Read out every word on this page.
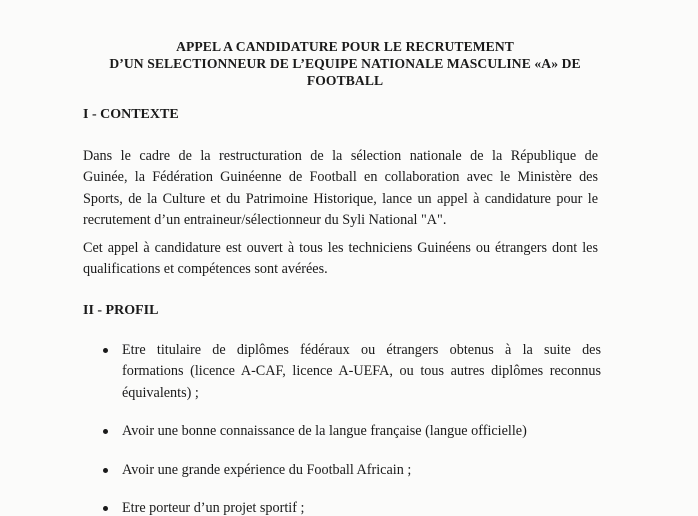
APPEL A CANDIDATURE POUR LE RECRUTEMENT
D’UN SELECTIONNEUR DE L’EQUIPE NATIONALE MASCULINE «A» DE
FOOTBALL
I - CONTEXTE
Dans le cadre de la restructuration de la sélection nationale de la République de
Guinée, la Fédération Guinéenne de Football en collaboration avec le Ministère des
Sports, de la Culture et du Patrimoine Historique, lance un appel à candidature pour le
recrutement d’un entraineur/sélectionneur du Syli National "A".
Cet appel à candidature est ouvert à tous les techniciens Guinéens ou étrangers dont les
qualifications et compétences sont avérées.
II - PROFIL
Etre titulaire de diplômes fédéraux ou étrangers obtenus à la suite des
formations (licence A-CAF, licence A-UEFA, ou tous autres diplômes reconnus
équivalents) ;
Avoir une bonne connaissance de la langue française (langue officielle)
Avoir une grande expérience du Football Africain ;
Etre porteur d’un projet sportif ;
